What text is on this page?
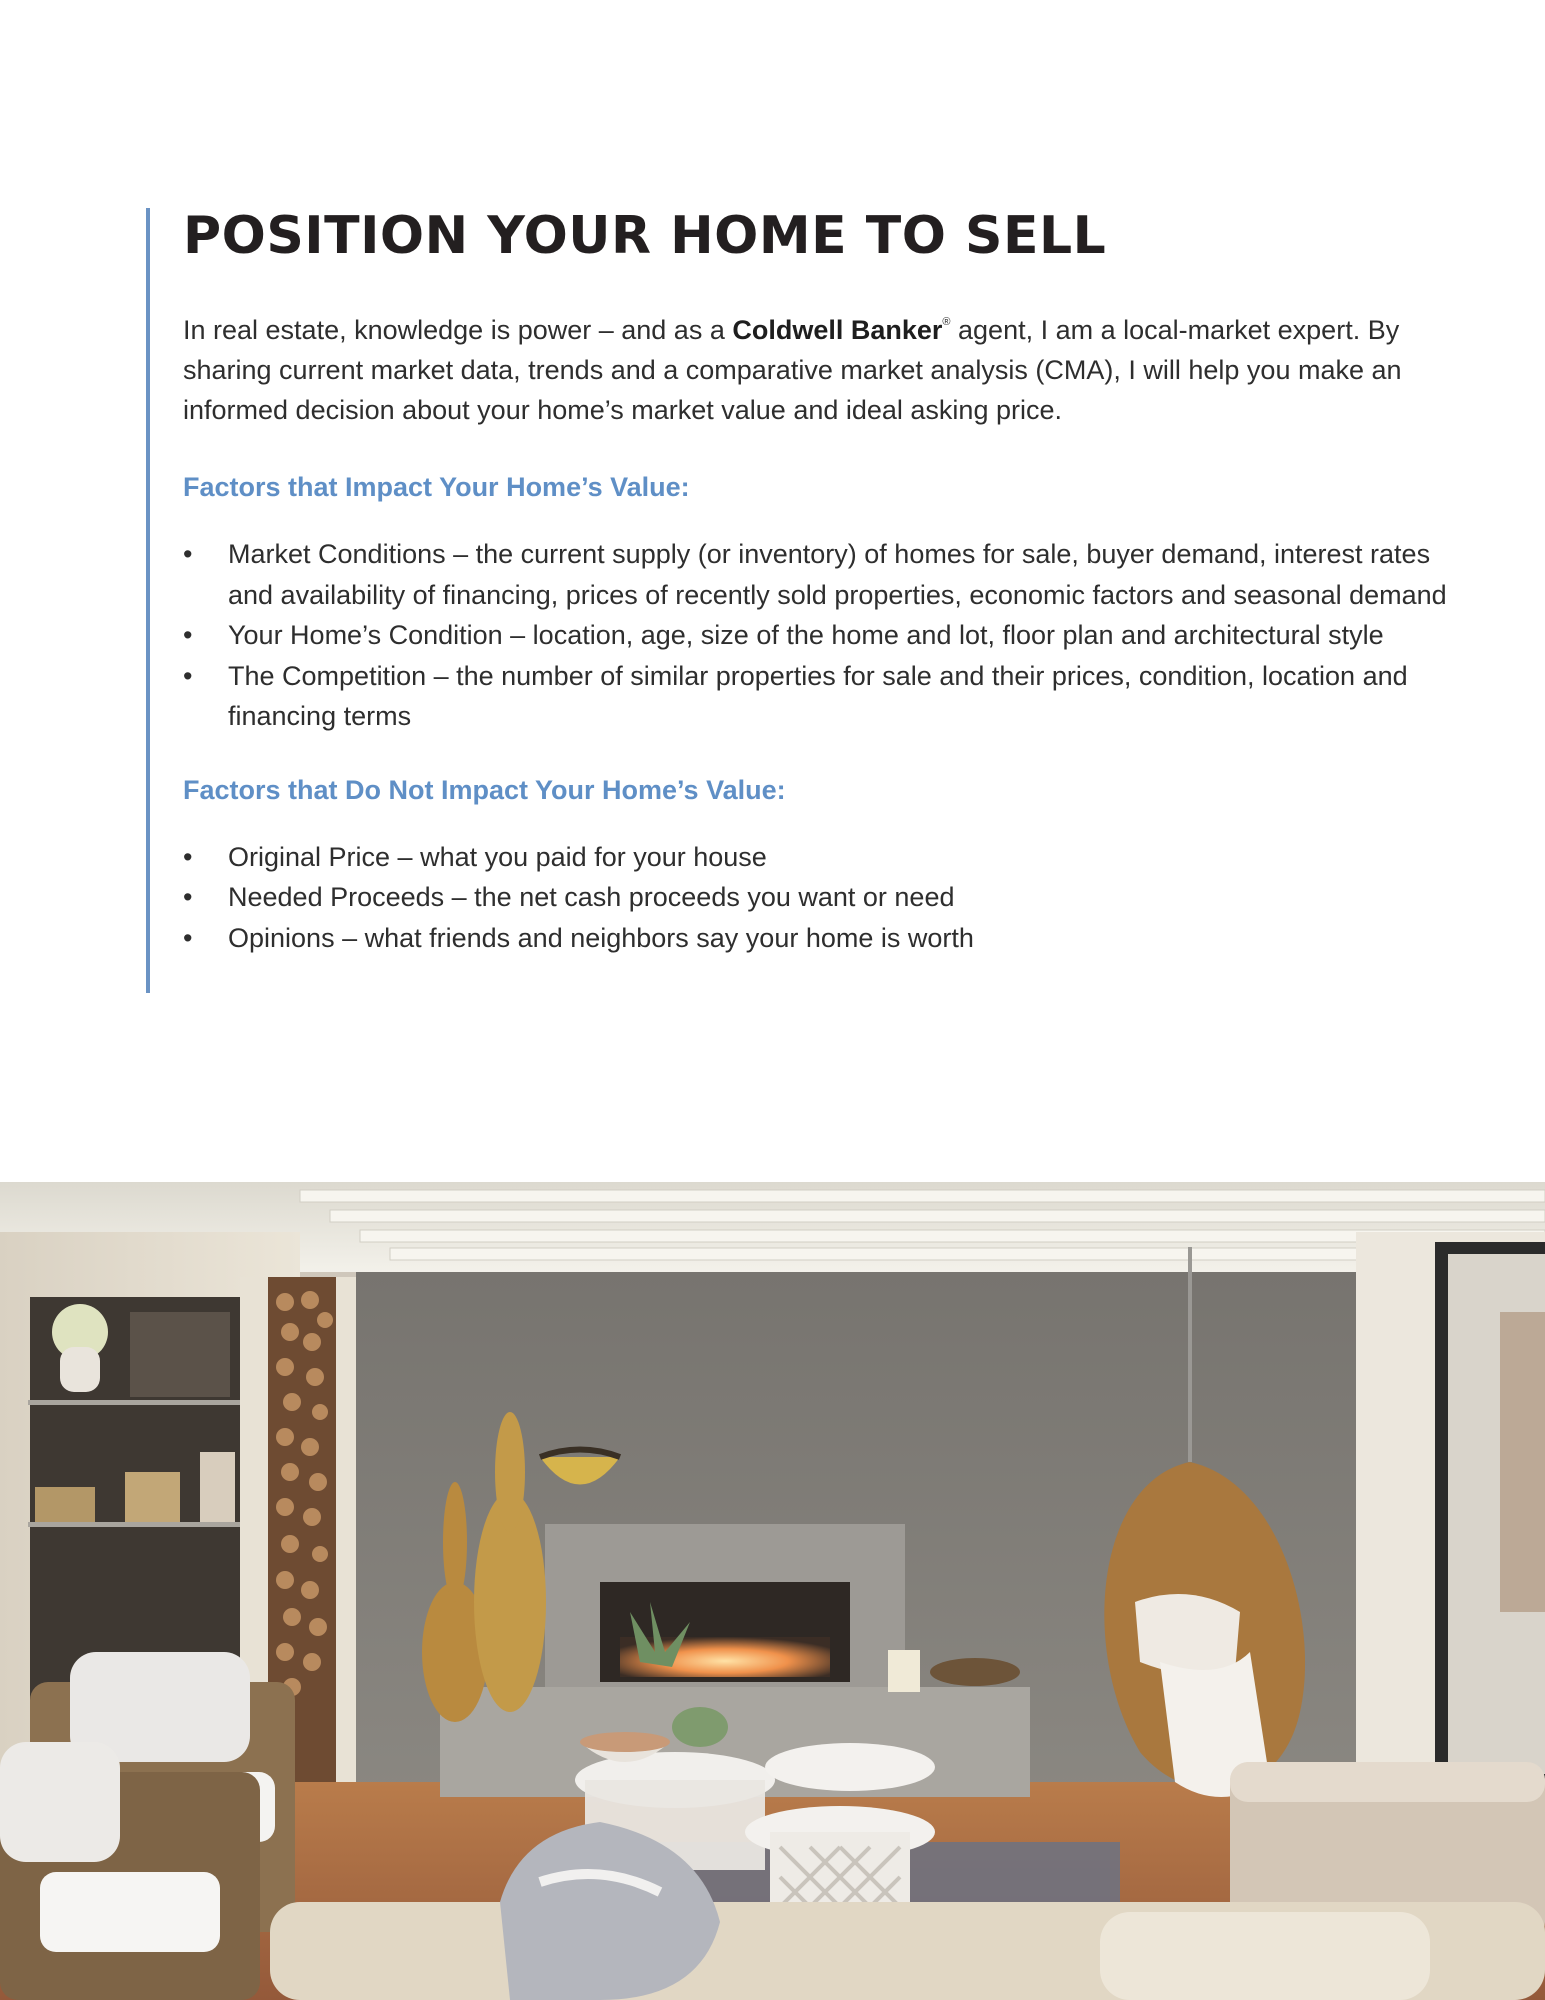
POSITION YOUR HOME TO SELL

In real estate, knowledge is power – and as a Coldwell Banker® agent, I am a local-market expert. By sharing current market data, trends and a comparative market analysis (CMA), I will help you make an informed decision about your home’s market value and ideal asking price.

Factors that Impact Your Home’s Value:
•	Market Conditions – the current supply (or inventory) of homes for sale, buyer demand, interest rates and availability of financing, prices of recently sold properties, economic factors and seasonal demand
•	Your Home’s Condition – location, age, size of the home and lot, floor plan and architectural style
•	The Competition – the number of similar properties for sale and their prices, condition, location and financing terms
Factors that Do Not Impact Your Home’s Value:
•	Original Price – what you paid for your house
•	Needed Proceeds – the net cash proceeds you want or need
•	Opinions – what friends and neighbors say your home is worth
